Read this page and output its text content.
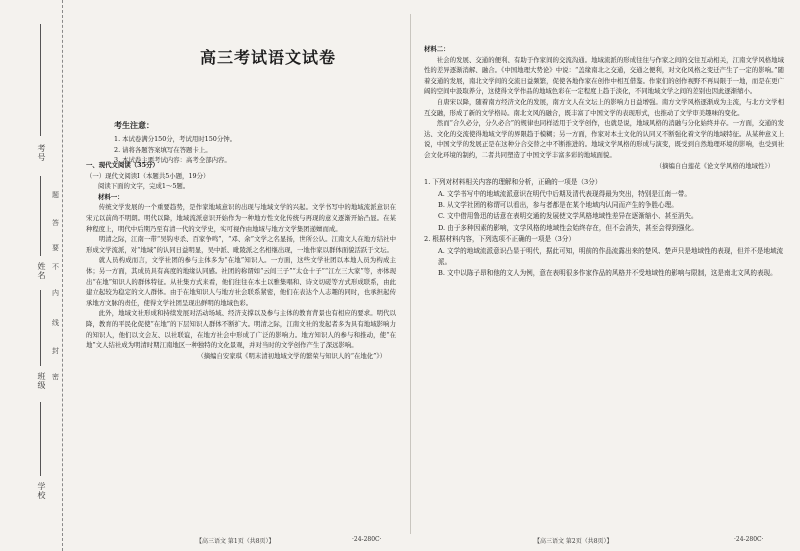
考号
姓名
班级
学校
题
答
要
不
内
线
封
密
高三考试语文试卷
考生注意：
1. 本试卷满分150分，考试用时150分钟。
2. 请将各题答案填写在答题卡上。
3. 本试卷主要考试内容：高考全部内容。
一、现代文阅读（35分）
（一）现代文阅读Ⅰ（本题共5小题，19分）
阅读下面的文字，完成1～5题。
材料一：

传统文学发展的一个重要趋势，是作家地域意识的出现与地域文学的兴起。文学书写中的地域流派意识在宋元以前尚不明朗。明代以降，地域流派意识开始作为一种地方性文化传统与再现的意义逐渐开始凸显。在某种程度上，明代中后期乃至有清一代的文学史，实可视作由地域与地方文学集团递嬗而成。

明清之际，江南一带“吴钩枣杀、百家争鸣”，“邓、余”文学之名显扬，世所公认。江南文人在地方结社中形成文学流派，对“地域”的认同日益明显，吴中派、毗陵派之名相继出现，一地作家以群体面貌活跃于文坛。

就人员构成而言，文学社团的参与主体多为“在地”知识人。一方面，这些文学社团以本地人员为构成主体；另一方面，其成员具有高度的地缘认同感。社团的称谓如“云间三子”“太仓十子”“江左三大家”等，亦体现出“在地”知识人的群体特征。从社集方式来看，他们往往在本土以雅集唱和、诗文切磋等方式形成联系，由此建立起较为稳定的文人群体。由于在地知识人与地方社会联系紧密，他们在表达个人志趣的同时，也承担起传承地方文脉的责任，使得文学社团呈现出鲜明的地域色彩。

此外，地域文社形成和持续发展对活动场域、经济支撑以及参与主体的教育背景也有相应的要求。明代以降，教育的平民化促使“在地”的下层知识人群体不断扩大。明清之际，江南文社的发起者多为具有地域影响力的知识人，他们以文会友、以社联谊，在地方社会中形成了广泛的影响力。地方知识人的参与和推动，使“在地”文人结社成为明清时期江南地区一种独特的文化景观，并对当时的文学创作产生了深远影响。

（摘编自安家琪《明末清初地域文学的繁荣与知识人的“在地化”》）
【高三语文 第1页（共8页）】	·24-280C·
材料二：

社会的发展、交通的便利、有助于作家间的交流沟通。地域流派的形成往往与作家之间的交往互动相关，江南文学风格地域性的差异逐渐消解、融合。《中国地理大势论》中说：“盖缘南北之交通，交通之便利，对文化风格之变迁产生了一定的影响。”随着交通的发展，南北文学间的交流日益频繁，促使各地作家在创作中相互借鉴。作家们的创作视野不再局限于一地，而是在更广阔的空间中汲取养分，这使得文学作品的地域色彩在一定程度上趋于淡化，不同地域文学之间的差别也因此逐渐缩小。

自唐宋以降，随着南方经济文化的发展，南方文人在文坛上的影响力日益增强。南方文学风格逐渐成为主流，与北方文学相互交融，形成了新的文学格局。南北文风的融合，既丰富了中国文学的表现形式，也推动了文学审美趣味的变化。

然而“合久必分，分久必合”的规律也同样适用于文学创作，也就是说，地域风格的消融与分化始终并存。一方面，交通的发达、文化的交流使得地域文学的界限趋于模糊；另一方面，作家对本土文化的认同又不断强化着文学的地域特征。从某种意义上说，中国文学的发展正是在这种分合交替之中不断推进的。地域文学风格的形成与演变，既受到自然地理环境的影响，也受到社会文化环境的制约，二者共同塑造了中国文学丰富多彩的地域面貌。

（摘编自白莲花《论文学风格的地域性》）
1. 下列对材料相关内容的理解和分析，正确的一项是（3分）
A. 文学书写中的地域流派意识在明代中后期及清代表现得最为突出，特别是江南一带。
B. 从文学社团的称谓可以看出，参与者都是在某个地域内认同而产生的争胜心理。
C. 文中借用鲁迅的话意在表明交通的发展使文学风格地域性差异在逐渐缩小、甚至消失。
D. 由于多种因素的影响，文学风格的地域性会始终存在，但不会消失，甚至会得到强化。
2. 根据材料内容，下列选项不正确的一项是（3分）
A. 文学的地域流派意识凸显于明代，据此可知，明前的作品流露出来的楚风、楚声只是地域性的表现，但并不是地域流派。
B. 文中以陈子昂和他的文人为例，意在表明很多作家作品的风格并不受地域性的影响与限制，这是南北文风的表现。
【高三语文 第2页（共8页）】	·24-280C·
